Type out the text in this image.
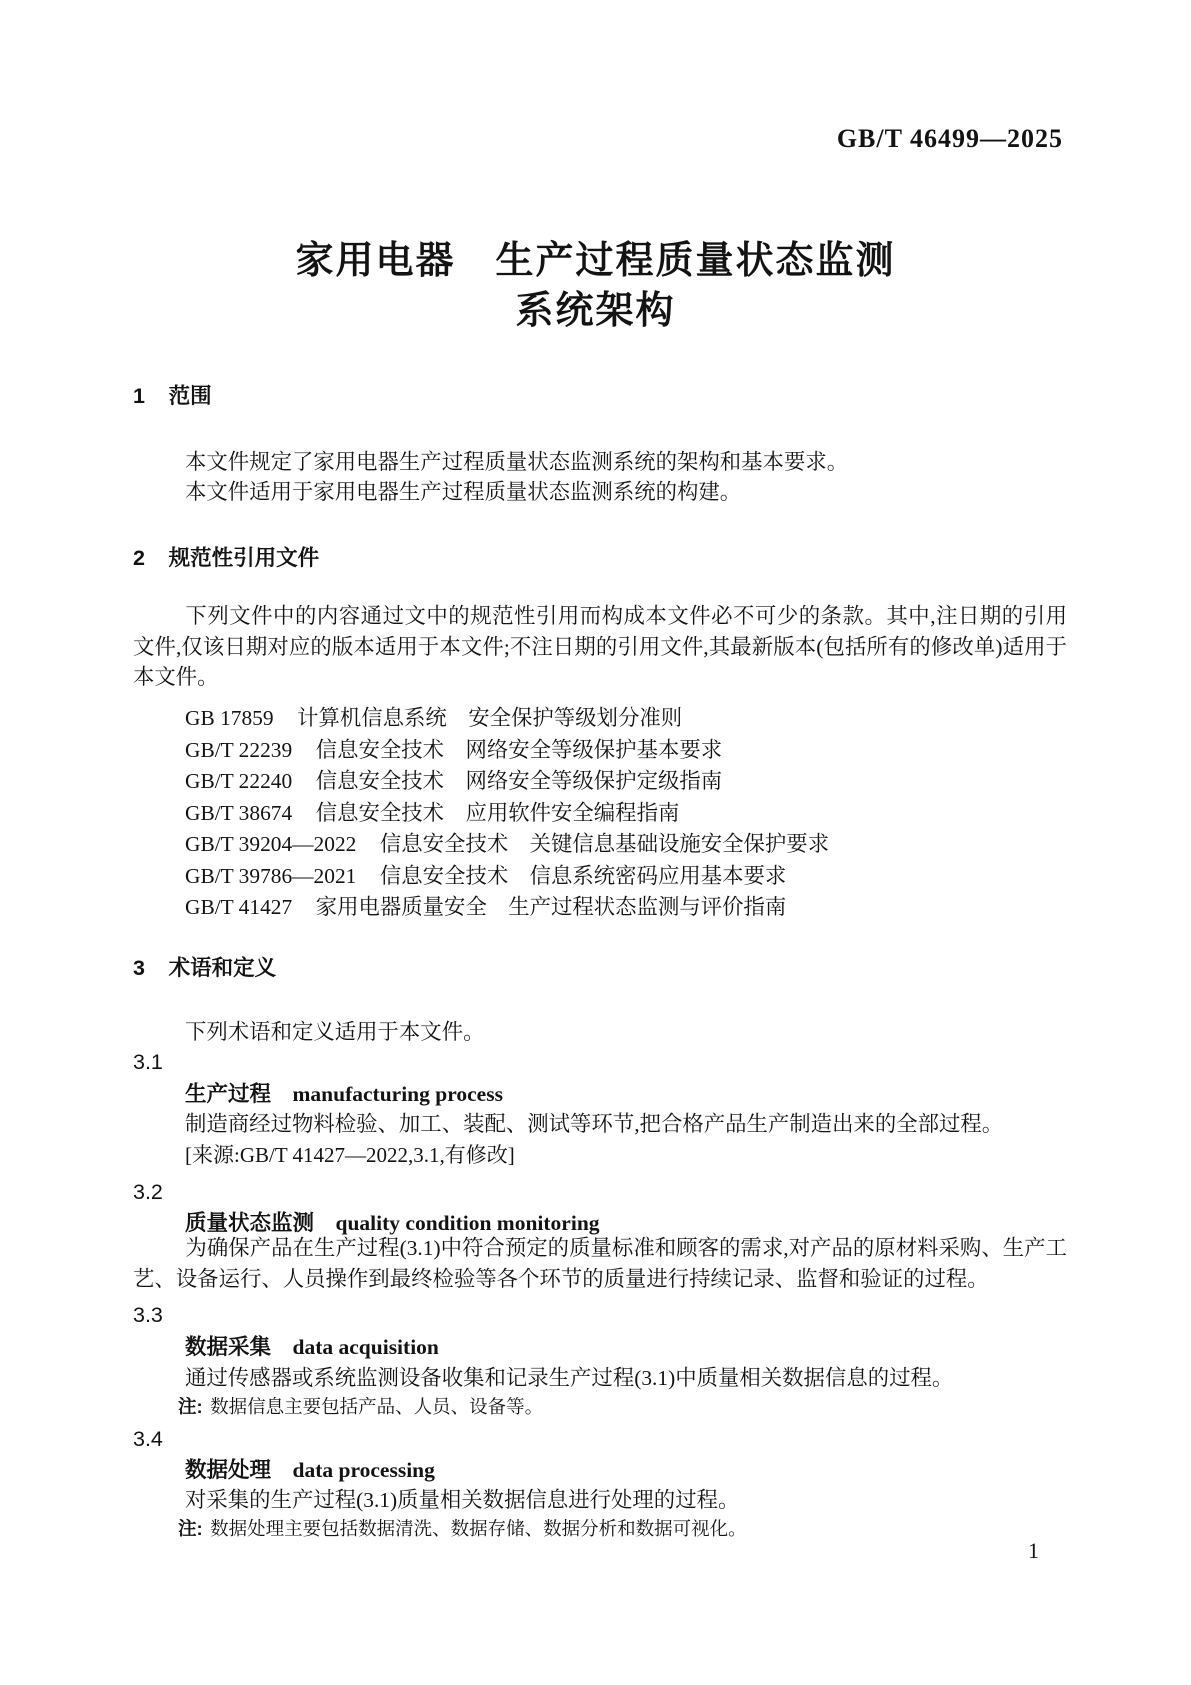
GB/T 46499—2025
家用电器　生产过程质量状态监测
系统架构
1 范围
本文件规定了家用电器生产过程质量状态监测系统的架构和基本要求。
本文件适用于家用电器生产过程质量状态监测系统的构建。
2 规范性引用文件
下列文件中的内容通过文中的规范性引用而构成本文件必不可少的条款。其中,注日期的引用文件,仅该日期对应的版本适用于本文件;不注日期的引用文件,其最新版本(包括所有的修改单)适用于本文件。
GB 17859 计算机信息系统　安全保护等级划分准则
GB/T 22239 信息安全技术　网络安全等级保护基本要求
GB/T 22240 信息安全技术　网络安全等级保护定级指南
GB/T 38674 信息安全技术　应用软件安全编程指南
GB/T 39204—2022 信息安全技术　关键信息基础设施安全保护要求
GB/T 39786—2021 信息安全技术　信息系统密码应用基本要求
GB/T 41427 家用电器质量安全　生产过程状态监测与评价指南
3 术语和定义
下列术语和定义适用于本文件。
3.1
生产过程 manufacturing process
制造商经过物料检验、加工、装配、测试等环节,把合格产品生产制造出来的全部过程。
[来源:GB/T 41427—2022,3.1,有修改]
3.2
质量状态监测 quality condition monitoring
为确保产品在生产过程(3.1)中符合预定的质量标准和顾客的需求,对产品的原材料采购、生产工艺、设备运行、人员操作到最终检验等各个环节的质量进行持续记录、监督和验证的过程。
3.3
数据采集 data acquisition
通过传感器或系统监测设备收集和记录生产过程(3.1)中质量相关数据信息的过程。
注: 数据信息主要包括产品、人员、设备等。
3.4
数据处理 data processing
对采集的生产过程(3.1)质量相关数据信息进行处理的过程。
注: 数据处理主要包括数据清洗、数据存储、数据分析和数据可视化。
1
